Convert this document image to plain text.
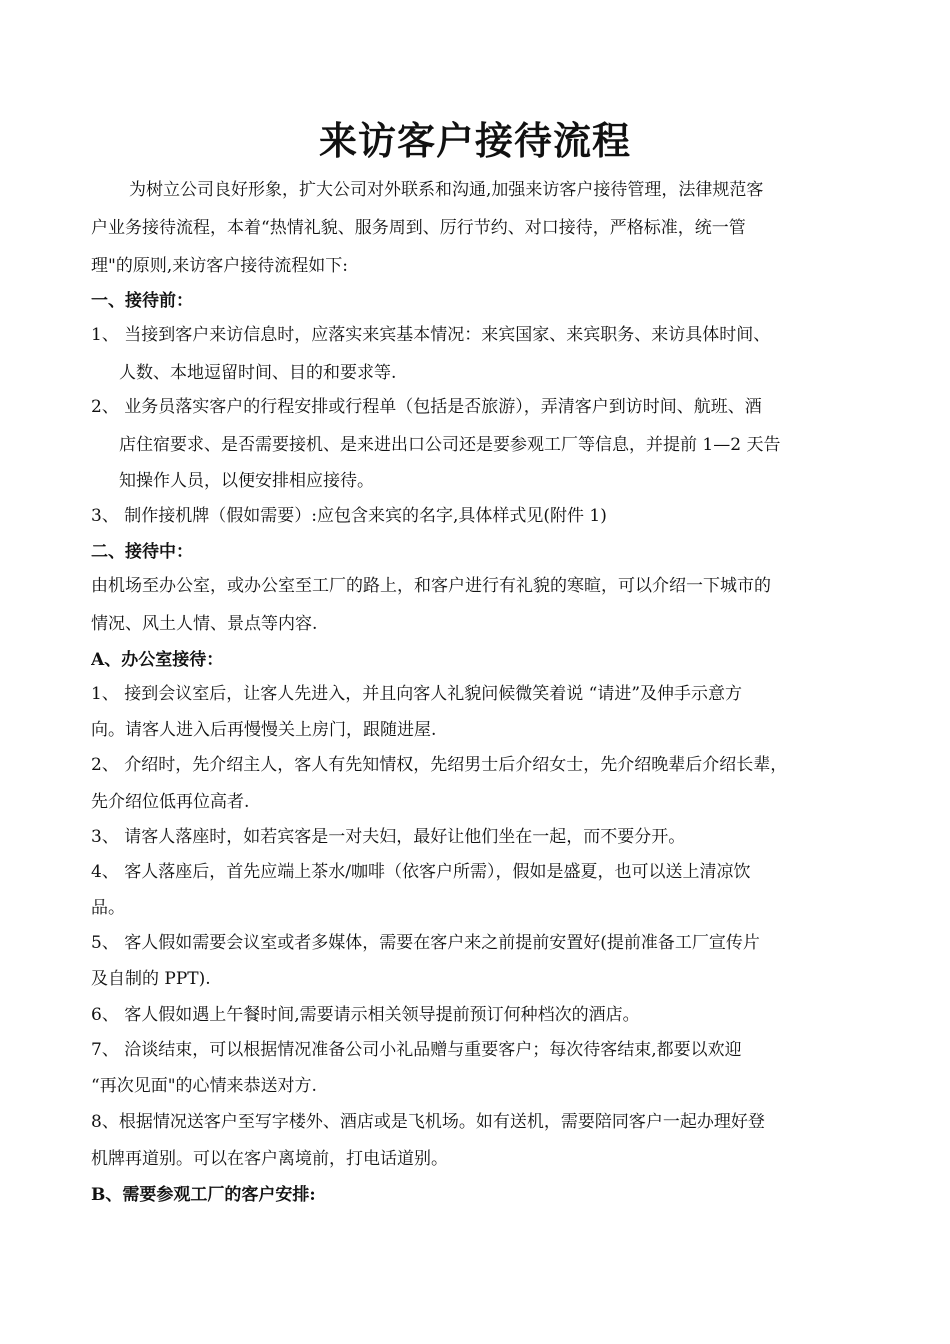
来访客户接待流程
为树立公司良好形象，扩大公司对外联系和沟通,加强来访客户接待管理，法律规范客
户业务接待流程，本着“热情礼貌、服务周到、厉行节约、对口接待，严格标准，统一管
理"的原则,来访客户接待流程如下:
一、接待前：
1、 当接到客户来访信息时，应落实来宾基本情况：来宾国家、来宾职务、来访具体时间、
人数、本地逗留时间、目的和要求等.
2、 业务员落实客户的行程安排或行程单（包括是否旅游），弄清客户到访时间、航班、酒
店住宿要求、是否需要接机、是来进出口公司还是要参观工厂等信息，并提前 1—2 天告
知操作人员，以便安排相应接待。
3、 制作接机牌（假如需要）:应包含来宾的名字,具体样式见(附件 1)
二、接待中：
由机场至办公室，或办公室至工厂的路上，和客户进行有礼貌的寒暄，可以介绍一下城市的
情况、风土人情、景点等内容.
A、办公室接待：
1、 接到会议室后，让客人先进入，并且向客人礼貌问候微笑着说 “请进”及伸手示意方
向。请客人进入后再慢慢关上房门，跟随进屋.
2、 介绍时，先介绍主人，客人有先知情权，先绍男士后介绍女士，先介绍晚辈后介绍长辈，
先介绍位低再位高者.
3、 请客人落座时，如若宾客是一对夫妇，最好让他们坐在一起，而不要分开。
4、 客人落座后，首先应端上茶水/咖啡（依客户所需），假如是盛夏，也可以送上清凉饮
品。
5、 客人假如需要会议室或者多媒体，需要在客户来之前提前安置好(提前准备工厂宣传片
及自制的 PPT).
6、 客人假如遇上午餐时间,需要请示相关领导提前预订何种档次的酒店。
7、 洽谈结束，可以根据情况准备公司小礼品赠与重要客户；每次待客结束,都要以欢迎
“再次见面"的心情来恭送对方.
8、根据情况送客户至写字楼外、酒店或是飞机场。如有送机，需要陪同客户一起办理好登
机牌再道别。可以在客户离境前，打电话道别。
B、需要参观工厂的客户安排:
